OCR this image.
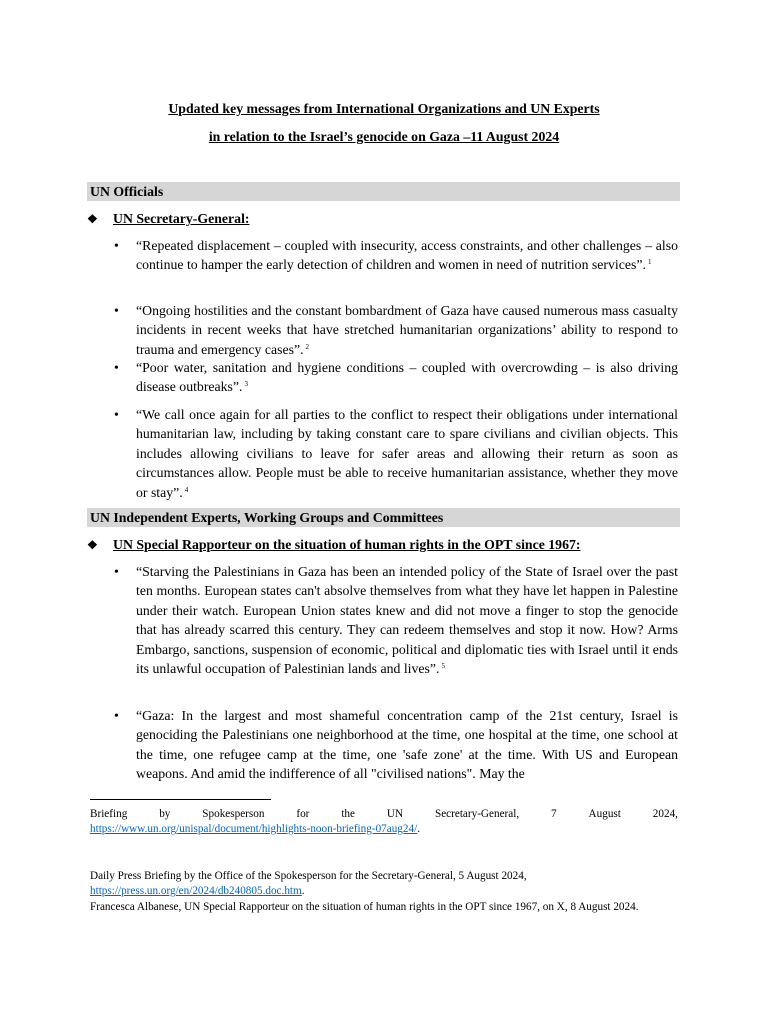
Updated key messages from International Organizations and UN Experts
in relation to the Israel’s genocide on Gaza –11 August 2024
UN Officials
❖ UN Secretary-General:
• “Repeated displacement – coupled with insecurity, access constraints, and other challenges – also continue to hamper the early detection of children and women in need of nutrition services”. $^1$
• “Ongoing hostilities and the constant bombardment of Gaza have caused numerous mass casualty incidents in recent weeks that have stretched humanitarian organizations’ ability to respond to trauma and emergency cases”. $^2$
• “Poor water, sanitation and hygiene conditions – coupled with overcrowding – is also driving disease outbreaks”. $^3$
• “We call once again for all parties to the conflict to respect their obligations under international humanitarian law, including by taking constant care to spare civilians and civilian objects. This includes allowing civilians to leave for safer areas and allowing their return as soon as circumstances allow. People must be able to receive humanitarian assistance, whether they move or stay”. $^4$
UN Independent Experts, Working Groups and Committees
❖ UN Special Rapporteur on the situation of human rights in the OPT since 1967:
• “Starving the Palestinians in Gaza has been an intended policy of the State of Israel over the past ten months. European states can't absolve themselves from what they have let happen in Palestine under their watch. European Union states knew and did not move a finger to stop the genocide that has already scarred this century. They can redeem themselves and stop it now. How? Arms Embargo, sanctions, suspension of economic, political and diplomatic ties with Israel until it ends its unlawful occupation of Palestinian lands and lives”. $^5$
• “Gaza: In the largest and most shameful concentration camp of the 21st century, Israel is genociding the Palestinians one neighborhood at the time, one hospital at the time, one school at the time, one refugee camp at the time, one 'safe zone' at the time. With US and European weapons. And amid the indifference of all "civilised nations". May the
Briefing	by	Spokesperson	for	the	UN	Secretary-General,	7	August	2024,
https://www.un.org/unispal/document/highlights-noon-briefing-07aug24/.
Daily Press Briefing by the Office of the Spokesperson for the Secretary-General, 5 August 2024,
https://press.un.org/en/2024/db240805.doc.htm.
Francesca Albanese, UN Special Rapporteur on the situation of human rights in the OPT since 1967, on X, 8 August 2024.
